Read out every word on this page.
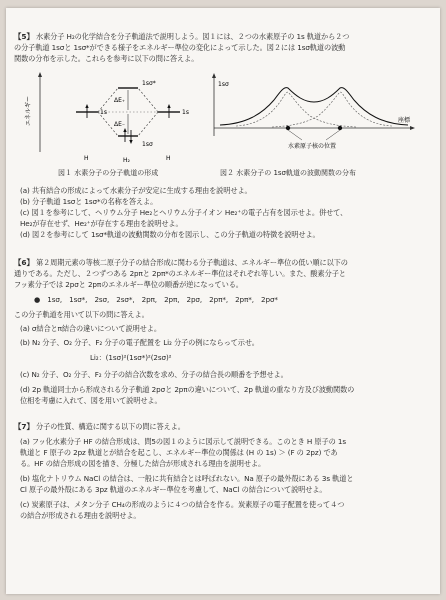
【5】 水素分子 H₂の化学結合を分子軌道法で説明しよう。図１には、２つの水素原子の 1s 軌道から２つ
の分子軌道 1sσと 1sσ*ができる様子をエネルギー準位の変化によって示した。図２には 1sσ軌道の波動
関数の分布を示した。これらを参考に以下の問に答えよ。
エネルギー
1sσ*
1sσ
1s	1s
ΔE₊
ΔE₋
H	H₂	H
1sσ
座標
水素原子核の位置
図１ 水素分子の分子軌道の形成	図２ 水素分子の 1sσ軌道の波動関数の分布
(a) 共有結合の形成によって水素分子が安定に生成する理由を説明せよ。
(b) 分子軌道 1sσと 1sσ*の名称を答えよ。
(c) 図１を参考にして、ヘリウム分子 He₂とヘリウム分子イオン He₂⁺の電子占有を図示せよ。併せて、
He₂が存在せず、He₂⁺が存在する理由を説明せよ。
(d) 図２を参考にして 1sσ*軌道の波動関数の分布を図示し、この分子軌道の特徴を説明せよ。
【6】 第２周期元素の等核二原子分子の結合形成に関わる分子軌道は、エネルギー準位の低い順に以下の
通りである。ただし、２つずつある 2pπと 2pπ*のエネルギー準位はそれぞれ等しい。また、酸素分子と
フッ素分子では 2pσと 2pπのエネルギー準位の順番が逆になっている。
●　1sσ,　1sσ*,　2sσ,　2sσ*,　2pπ,　2pπ,　2pσ,　2pπ*,　2pπ*,　2pσ*
この分子軌道を用いて以下の問に答えよ。
(a) σ結合とπ結合の違いについて説明せよ。
(b) N₂ 分子、O₂ 分子、F₂ 分子の電子配置を Li₂ 分子の例にならって示せ。
Li₂：(1sσ)²(1sσ*)²(2sσ)²
(c) N₂ 分子、O₂ 分子、F₂ 分子の結合次数を求め、分子の結合長の順番を予想せよ。
(d) 2p 軌道同士から形成される分子軌道 2pσと 2pπの違いについて、2p 軌道の重なり方及び波動関数の
位相を考慮に入れて、図を用いて説明せよ。
【7】 分子の性質、構造に関する以下の問に答えよ。
(a) フッ化水素分子 HF の結合形成は、問5の図１のように図示して説明できる。このとき H 原子の 1s
軌道と F 原子の 2pz 軌道とが結合を起こし、エネルギー準位の関係は (H の 1s) ＞ (F の 2pz) であ
る。HF の結合形成の図を描き、分極した結合が形成される理由を説明せよ。
(b) 塩化ナトリウム NaCl の結合は、一般に共有結合とは呼ばれない。Na 原子の最外殻にある 3s 軌道と
Cl 原子の最外殻にある 3pz 軌道のエネルギー準位を考慮して、NaCl の結合について説明せよ。
(c) 炭素原子は、メタン分子 CH₄の形成のように４つの結合を作る。炭素原子の電子配置を使って４つ
の結合が形成される理由を説明せよ。
